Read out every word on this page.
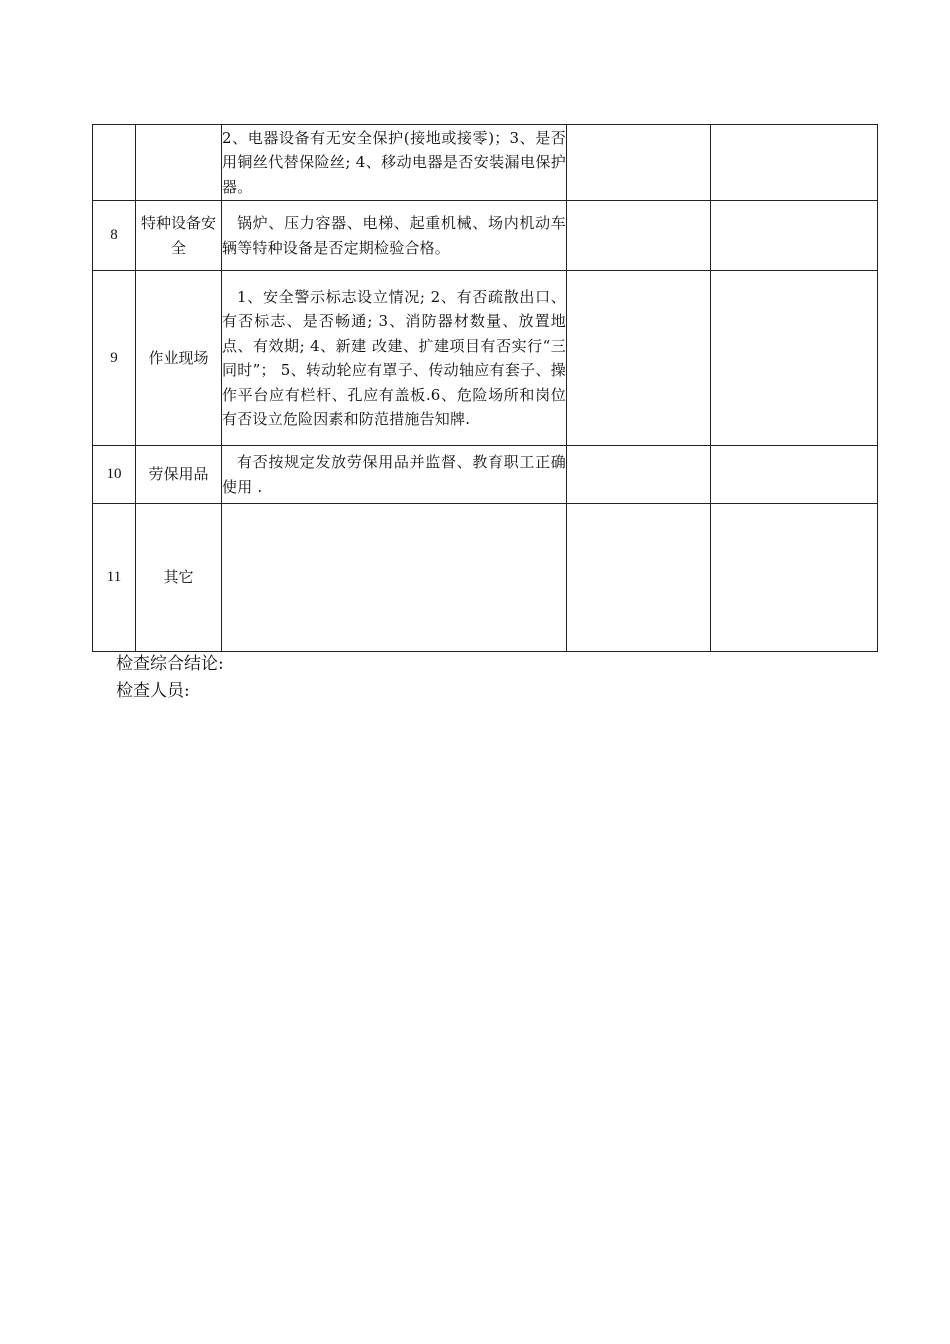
		2、电器设备有无安全保护(接地或接零)；3、是否用铜丝代替保险丝; 4、移动电器是否安装漏电保护器。		

8	特种设备安全	锅炉、压力容器、电梯、起重机械、场内机动车辆等特种设备是否定期检验合格。		

9	作业现场	1、安全警示标志设立情况; 2、有否疏散出口、有否标志、是否畅通; 3、消防器材数量、放置地点、有效期; 4、新建 改建、扩建项目有否实行“三同时”； 5、转动轮应有罩子、传动轴应有套子、操作平台应有栏杆、孔应有盖板.6、危险场所和岗位有否设立危险因素和防范措施告知牌.		

10	劳保用品	有否按规定发放劳保用品并监督、教育职工正确使用 .		

11	其它	

检查综合结论:
检查人员:
